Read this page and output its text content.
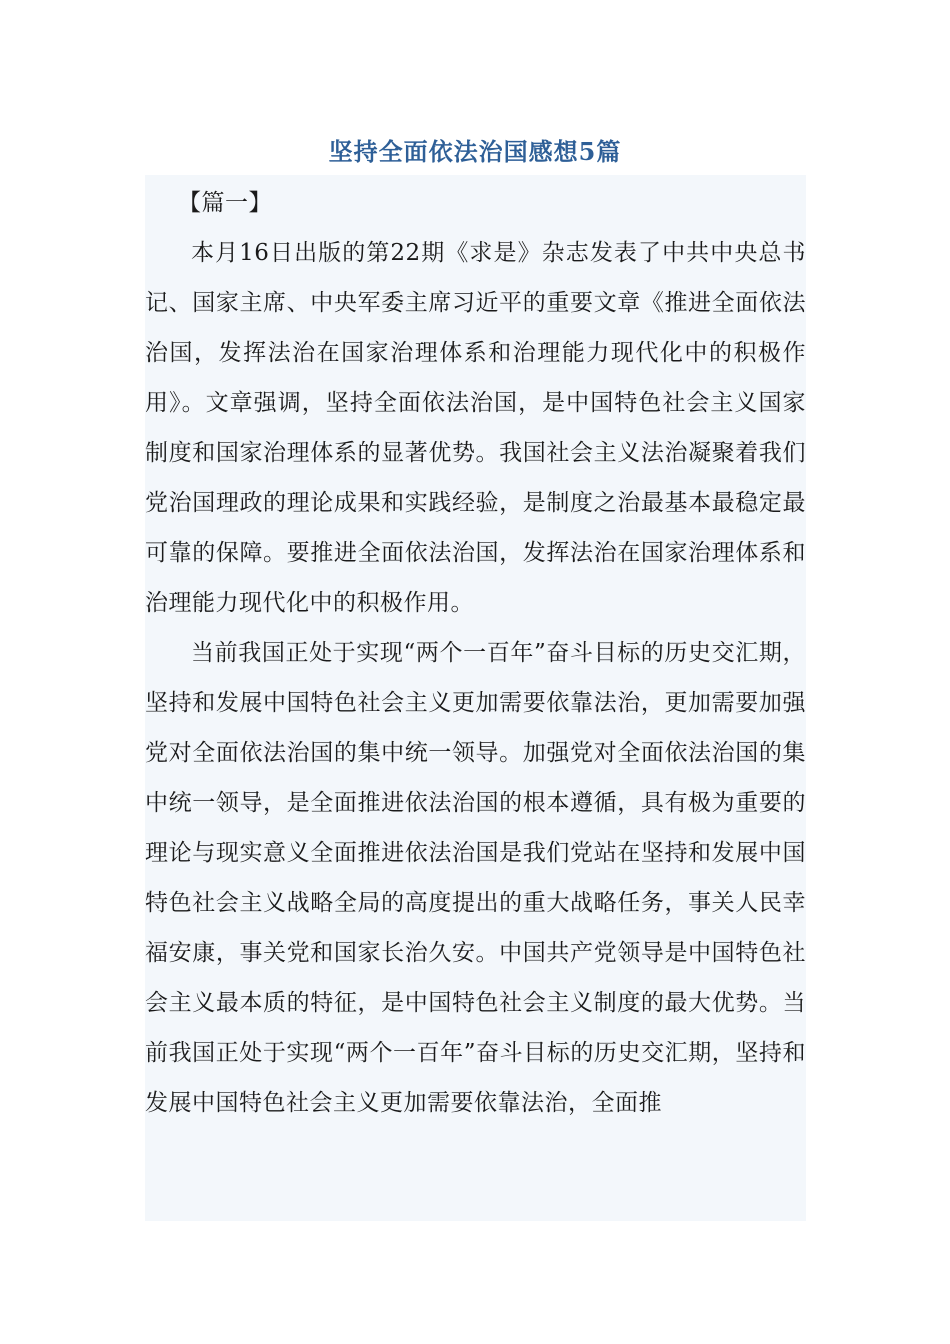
坚持全面依法治国感想5篇
【篇一】

本月16日出版的第22期《求是》杂志发表了中共中央总书记、国家主席、中央军委主席习近平的重要文章《推进全面依法治国，发挥法治在国家治理体系和治理能力现代化中的积极作用》。文章强调，坚持全面依法治国，是中国特色社会主义国家制度和国家治理体系的显著优势。我国社会主义法治凝聚着我们党治国理政的理论成果和实践经验，是制度之治最基本最稳定最可靠的保障。要推进全面依法治国，发挥法治在国家治理体系和治理能力现代化中的积极作用。

当前我国正处于实现“两个一百年”奋斗目标的历史交汇期，坚持和发展中国特色社会主义更加需要依靠法治，更加需要加强党对全面依法治国的集中统一领导。加强党对全面依法治国的集中统一领导，是全面推进依法治国的根本遵循，具有极为重要的理论与现实意义全面推进依法治国是我们党站在坚持和发展中国特色社会主义战略全局的高度提出的重大战略任务，事关人民幸福安康，事关党和国家长治久安。中国共产党领导是中国特色社会主义最本质的特征，是中国特色社会主义制度的最大优势。当前我国正处于实现“两个一百年”奋斗目标的历史交汇期，坚持和发展中国特色社会主义更加需要依靠法治，全面推
